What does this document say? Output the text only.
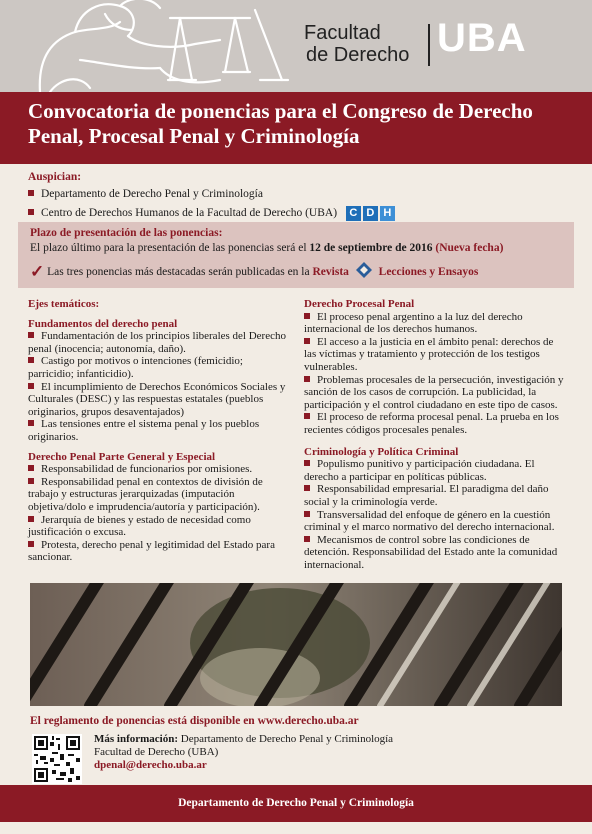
Facultad
de Derecho UBA
Convocatoria de ponencias para el Congreso de Derecho Penal, Procesal Penal y Criminología
Auspician:
Departamento de Derecho Penal y Criminología
Centro de Derechos Humanos de la Facultad de Derecho (UBA)	C D H
Plazo de presentación de las ponencias:
El plazo último para la presentación de las ponencias será el 12 de septiembre de 2016 (Nueva fecha)
✓ Las tres ponencias más destacadas serán publicadas en la Revista	Lecciones y Ensayos

Ejes temáticos:

Fundamentos del derecho penal

Fundamentación de los principios liberales del Derecho penal (inocencia; autonomía, daño).

Castigo por motivos o intenciones (femicidio; parricidio; infanticidio).

El incumplimiento de Derechos Económicos Sociales y Culturales (DESC) y las respuestas estatales (pueblos originarios, grupos desaventajados)

Las tensiones entre el sistema penal y los pueblos originarios.

Derecho Penal Parte General y Especial

Responsabilidad de funcionarios por omisiones.

Responsabilidad penal en contextos de división de trabajo y estructuras jerarquizadas (imputación objetiva/dolo e imprudencia/autoría y participación).

Jerarquía de bienes y estado de necesidad como justificación o excusa.

Protesta, derecho penal y legitimidad del Estado para sancionar.

Derecho Procesal Penal

El proceso penal argentino a la luz del derecho internacional de los derechos humanos.

El acceso a la justicia en el ámbito penal: derechos de las víctimas y tratamiento y protección de los testigos vulnerables.

Problemas procesales de la persecución, investigación y sanción de los casos de corrupción. La publicidad, la participación y el control ciudadano en este tipo de casos.

El proceso de reforma procesal penal. La prueba en los recientes códigos procesales penales.

Criminología y Política Criminal

Populismo punitivo y participación ciudadana. El derecho a participar en políticas públicas.

Responsabilidad empresarial. El paradigma del daño social y la criminología verde.

Transversalidad del enfoque de género en la cuestión criminal y el marco normativo del derecho internacional.

Mecanismos de control sobre las condiciones de detención. Responsabilidad del Estado ante la comunidad internacional.

El reglamento de ponencias está disponible en www.derecho.uba.ar
Más información: Departamento de Derecho Penal y Criminología
Facultad de Derecho (UBA)
dpenal@derecho.uba.ar
Departamento de Derecho Penal y Criminología
